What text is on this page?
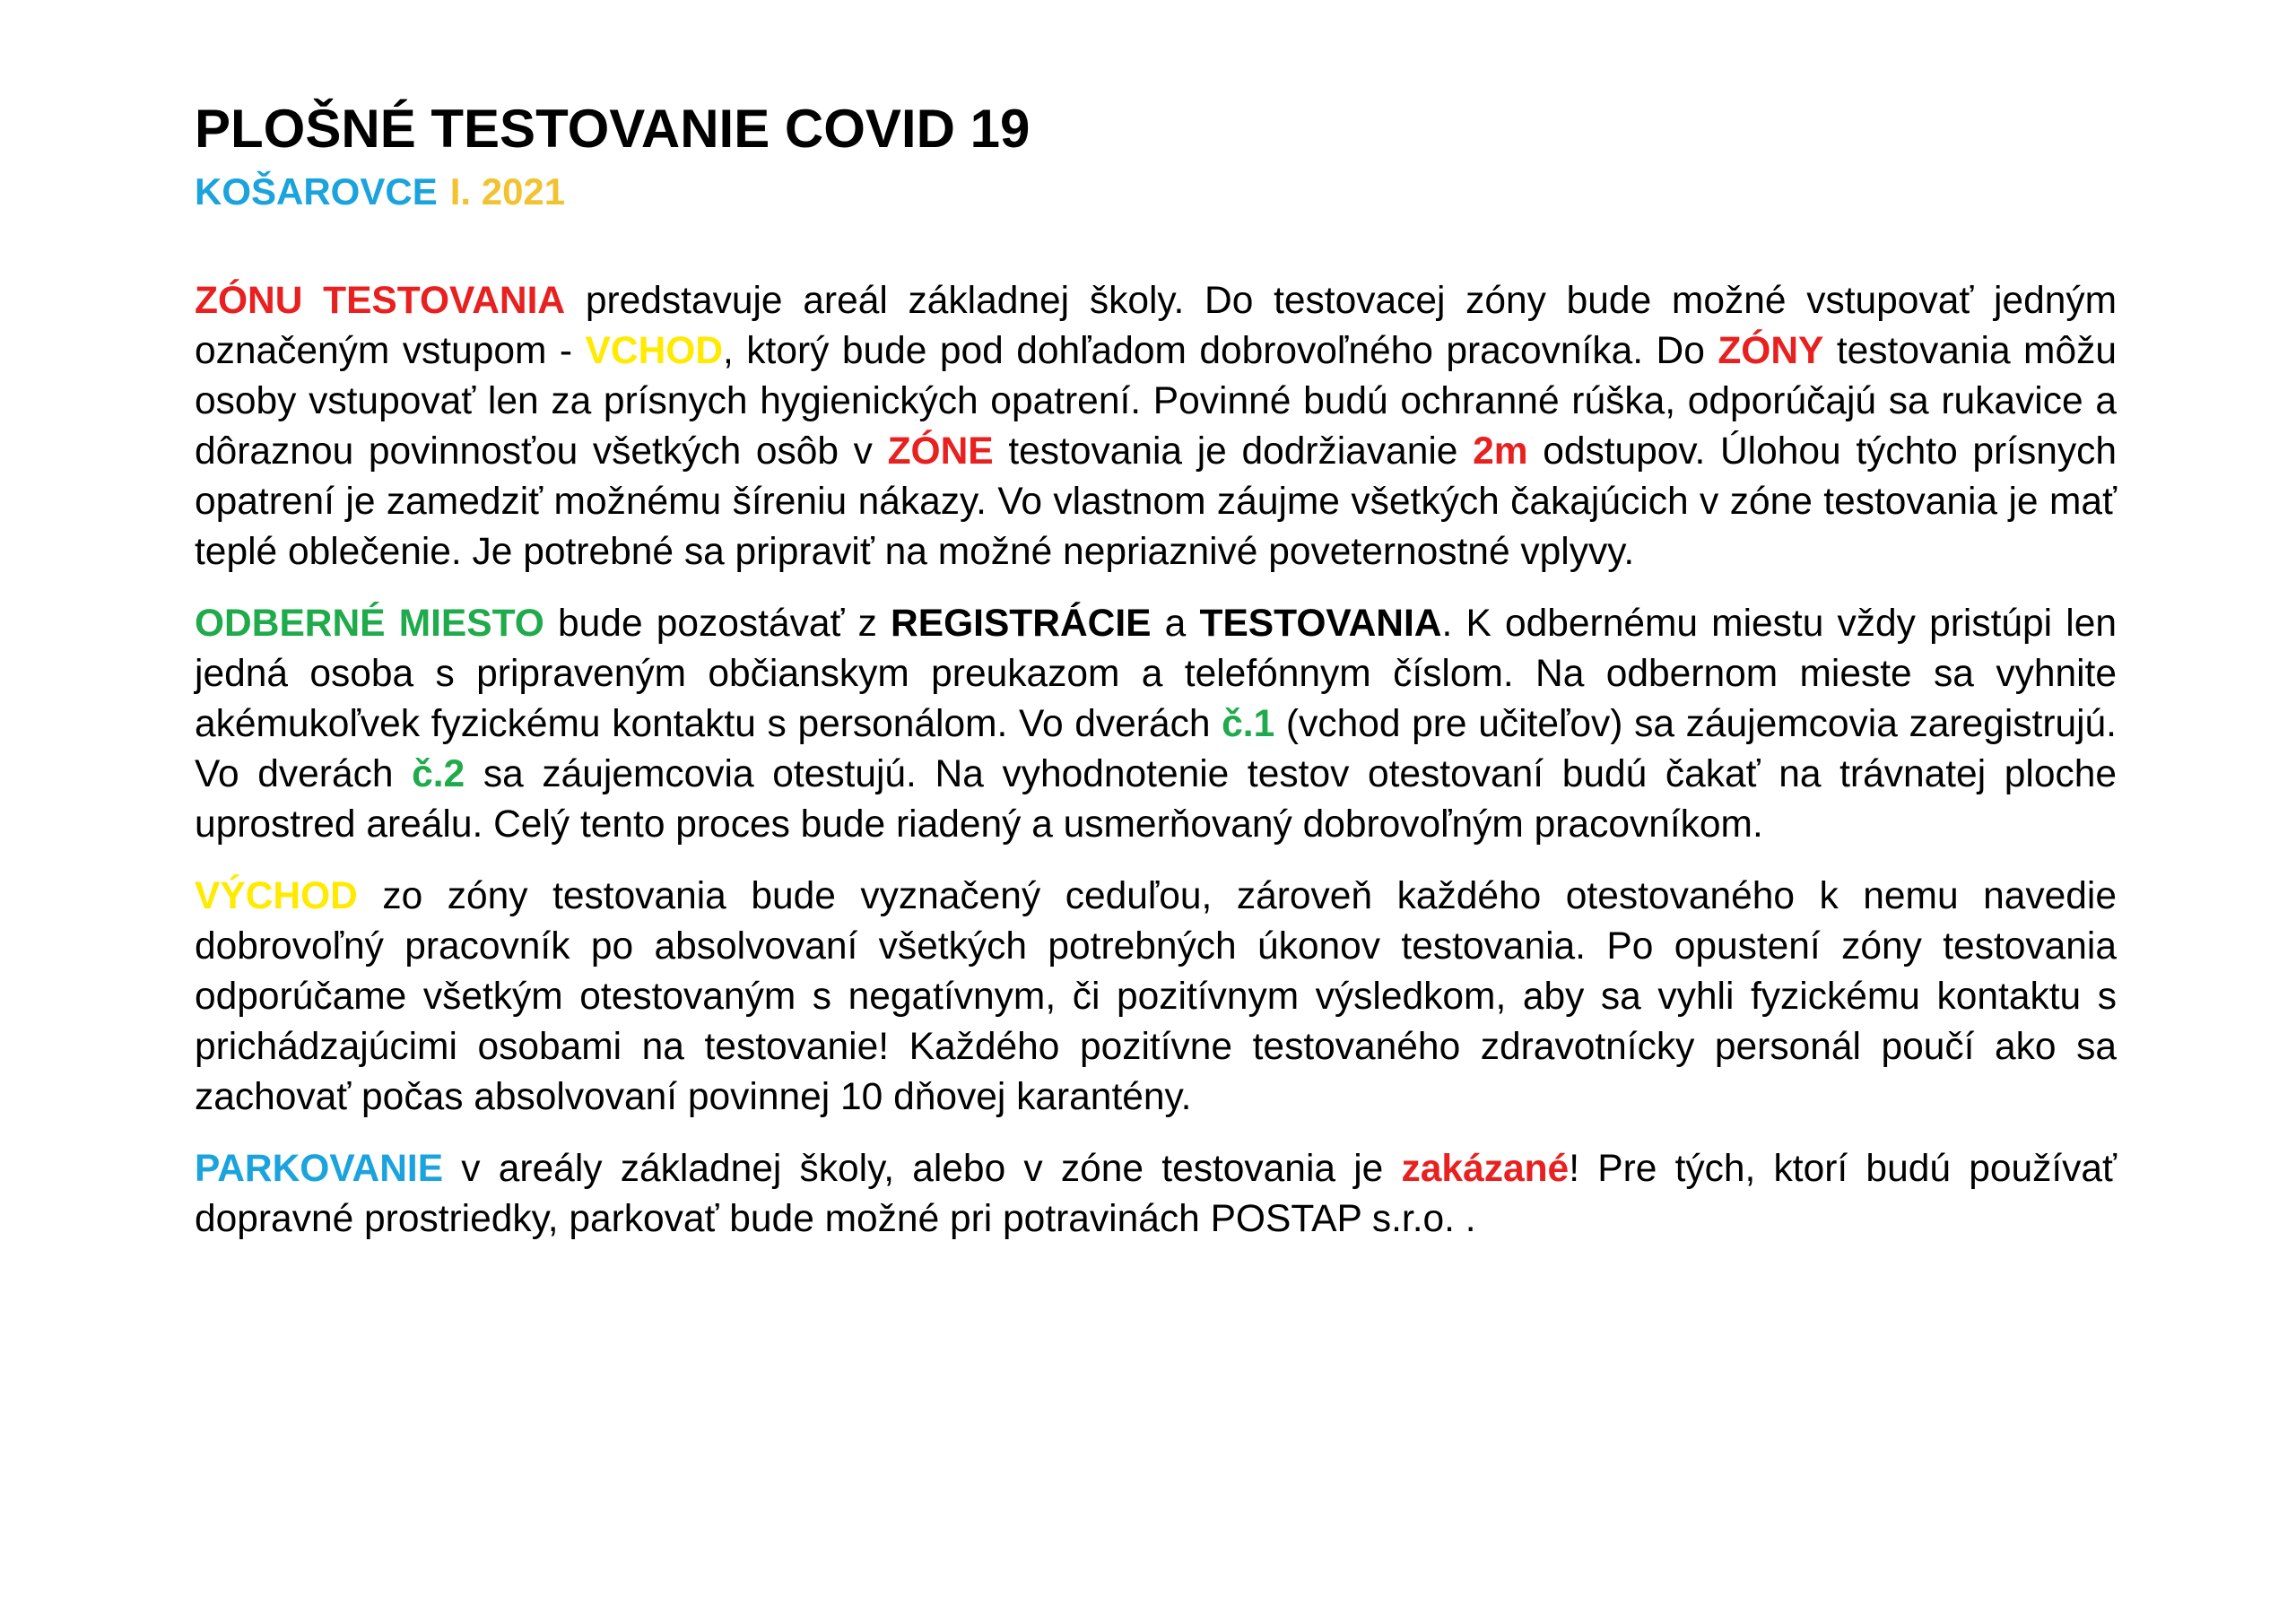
PLOŠNÉ TESTOVANIE COVID 19
KOŠAROVCE I. 2021

ZÓNU TESTOVANIA predstavuje areál základnej školy. Do testovacej zóny bude možné vstupovať jedným označeným vstupom - VCHOD, ktorý bude pod dohľadom dobrovoľného pracovníka. Do ZÓNY testovania môžu osoby vstupovať len za prísnych hygienických opatrení. Povinné budú ochranné rúška, odporúčajú sa rukavice a dôraznou povinnosťou všetkých osôb v ZÓNE testovania je dodržiavanie 2m odstupov. Úlohou týchto prísnych opatrení je zamedziť možnému šíreniu nákazy. Vo vlastnom záujme všetkých čakajúcich v zóne testovania je mať teplé oblečenie. Je potrebné sa pripraviť na možné nepriaznivé poveternostné vplyvy.

ODBERNÉ MIESTO bude pozostávať z REGISTRÁCIE a TESTOVANIA. K odbernému miestu vždy pristúpi len jedná osoba s pripraveným občianskym preukazom a telefónnym číslom. Na odbernom mieste sa vyhnite akémukoľvek fyzickému kontaktu s personálom. Vo dverách č.1 (vchod pre učiteľov) sa záujemcovia zaregistrujú. Vo dverách č.2 sa záujemcovia otestujú. Na vyhodnotenie testov otestovaní budú čakať na trávnatej ploche uprostred areálu. Celý tento proces bude riadený a usmerňovaný dobrovoľným pracovníkom.

VÝCHOD zo zóny testovania bude vyznačený ceduľou, zároveň každého otestovaného k nemu navedie dobrovoľný pracovník po absolvovaní všetkých potrebných úkonov testovania. Po opustení zóny testovania odporúčame všetkým otestovaným s negatívnym, či pozitívnym výsledkom, aby sa vyhli fyzickému kontaktu s prichádzajúcimi osobami na testovanie! Každého pozitívne testovaného zdravotnícky personál poučí ako sa zachovať počas absolvovaní povinnej 10 dňovej karantény.

PARKOVANIE v areály základnej školy, alebo v zóne testovania je zakázané! Pre tých, ktorí budú používať dopravné prostriedky, parkovať bude možné pri potravinách POSTAP s.r.o. .
